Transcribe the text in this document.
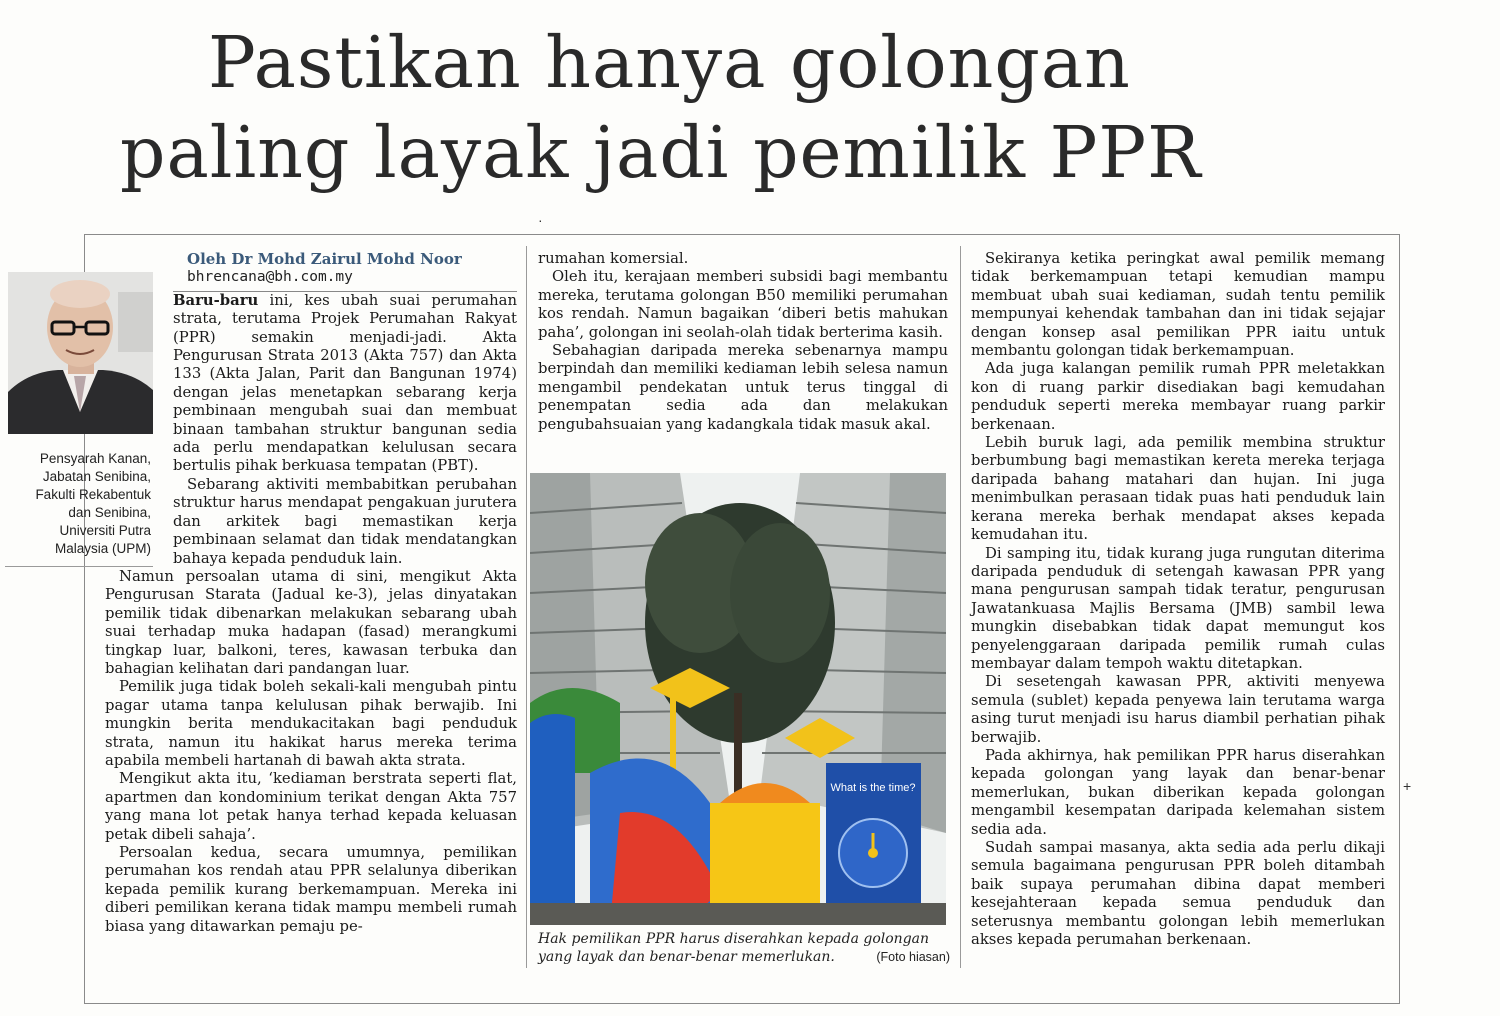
Pastikan hanya golongan
paling layak jadi pemilik PPR
·
+
Pensyarah Kanan,
Jabatan Senibina,
Fakulti Rekabentuk
dan Senibina,
Universiti Putra
Malaysia (UPM)

Oleh Dr Mohd Zairul Mohd Noor

bhrencana@bh.com.my

Baru-baru ini, kes ubah suai perumahan strata, terutama Projek Perumahan Rakyat (PPR) semakin menjadi-jadi. Akta Pengurusan Strata 2013 (Akta 757) dan Akta 133 (Akta Jalan, Parit dan Bangunan 1974) dengan jelas menetapkan sebarang kerja pembinaan mengubah suai dan membuat binaan tambahan struktur bangunan sedia ada perlu mendapatkan kelulusan secara bertulis pihak berkuasa tempatan (PBT).

Sebarang aktiviti membabitkan perubahan struktur harus mendapat pengakuan jurutera dan arkitek bagi memastikan kerja pembinaan selamat dan tidak mendatangkan bahaya kepada penduduk lain.

Namun persoalan utama di sini, mengikut Akta Pengurusan Starata (Jadual ke-3), jelas dinyatakan pemilik tidak dibenarkan melakukan sebarang ubah suai terhadap muka hadapan (fasad) merangkumi tingkap luar, balkoni, teres, kawasan terbuka dan bahagian kelihatan dari pandangan luar.

Pemilik juga tidak boleh sekali-kali mengubah pintu pagar utama tanpa kelulusan pihak berwajib. Ini mungkin berita mendukacitakan bagi penduduk strata, namun itu hakikat harus mereka terima apabila membeli hartanah di bawah akta strata.

Mengikut akta itu, ‘kediaman berstrata seperti flat, apartmen dan kondominium terikat dengan Akta 757 yang mana lot petak hanya terhad kepada keluasan petak dibeli sahaja’.

Persoalan kedua, secara umumnya, pemilikan perumahan kos rendah atau PPR selalunya diberikan kepada pemilik kurang berkemampuan. Mereka ini diberi pemilikan kerana tidak mampu membeli rumah biasa yang ditawarkan pemaju pe-

rumahan komersial.

Oleh itu, kerajaan memberi subsidi bagi membantu mereka, terutama golongan B50 memiliki perumahan kos rendah. Namun bagaikan ‘diberi betis mahukan paha’, golongan ini seolah-olah tidak berterima kasih.

Sebahagian daripada mereka sebenarnya mampu berpindah dan memiliki kediaman lebih selesa namun mengambil pendekatan untuk terus tinggal di penempatan sedia ada dan melakukan pengubahsuaian yang kadangkala tidak masuk akal.

What is the time?
Hak pemilikan PPR harus diserahkan kepada golongan yang layak dan benar-benar memerlukan.	(Foto hiasan)

Sekiranya ketika peringkat awal pemilik memang tidak berkemampuan tetapi kemudian mampu membuat ubah suai kediaman, sudah tentu pemilik mempunyai kehendak tambahan dan ini tidak sejajar dengan konsep asal pemilikan PPR iaitu untuk membantu golongan tidak berkemampuan.

Ada juga kalangan pemilik rumah PPR meletakkan kon di ruang parkir disediakan bagi kemudahan penduduk seperti mereka membayar ruang parkir berkenaan.

Lebih buruk lagi, ada pemilik membina struktur berbumbung bagi memastikan kereta mereka terjaga daripada bahang matahari dan hujan. Ini juga menimbulkan perasaan tidak puas hati penduduk lain kerana mereka berhak mendapat akses kepada kemudahan itu.

Di samping itu, tidak kurang juga rungutan diterima daripada penduduk di setengah kawasan PPR yang mana pengurusan sampah tidak teratur, pengurusan Jawatankuasa Majlis Bersama (JMB) sambil lewa mungkin disebabkan tidak dapat memungut kos penyelenggaraan daripada pemilik rumah culas membayar dalam tempoh waktu ditetapkan.

Di sesetengah kawasan PPR, aktiviti menyewa semula (sublet) kepada penyewa lain terutama warga asing turut menjadi isu harus diambil perhatian pihak berwajib.

Pada akhirnya, hak pemilikan PPR harus diserahkan kepada golongan yang layak dan benar-benar memerlukan, bukan diberikan kepada golongan mengambil kesempatan daripada kelemahan sistem sedia ada.

Sudah sampai masanya, akta sedia ada perlu dikaji semula bagaimana pengurusan PPR boleh ditambah baik supaya perumahan dibina dapat memberi kesejahteraan kepada semua penduduk dan seterusnya membantu golongan lebih memerlukan akses kepada perumahan berkenaan.
